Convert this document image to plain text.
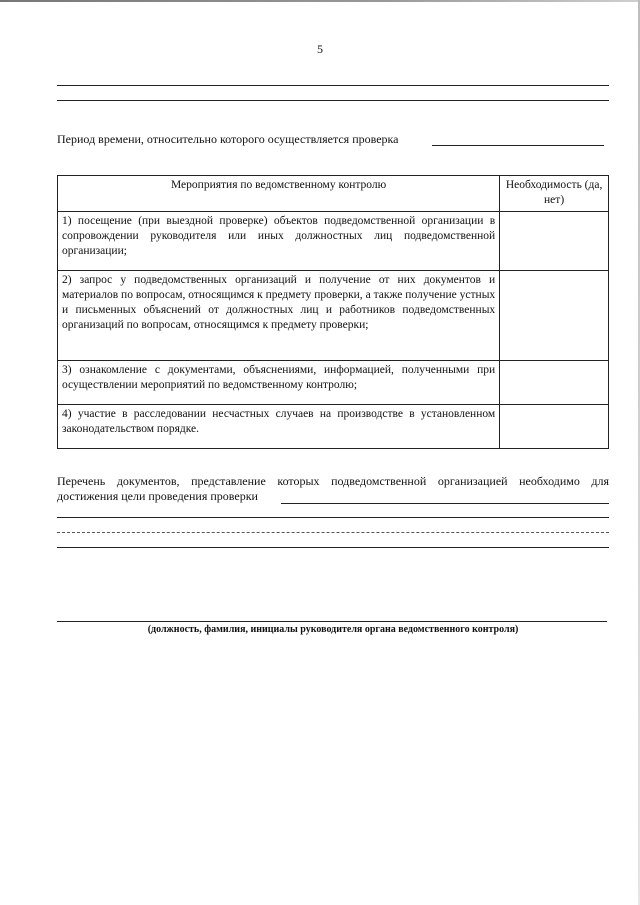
5
Период времени, относительно которого осуществляется проверка
Мероприятия по ведомственному контролю	Необходимость (да, нет)
1) посещение (при выездной проверке) объектов подведомственной организации в сопровождении руководителя или иных должностных лиц подведомственной организации;	
2) запрос у подведомственных организаций и получение от них документов и материалов по вопросам, относящимся к предмету проверки, а также получение устных и письменных объяснений от должностных лиц и работников подведомственных организаций по вопросам, относящимся к предмету проверки;	
3) ознакомление с документами, объяснениями, информацией, полученными при осуществлении мероприятий по ведомственному контролю;	
4) участие в расследовании несчастных случаев на производстве в установленном законодательством порядке.	
Перечень документов, представление которых подведомственной организацией необходимо для достижения цели проведения проверки
(должность, фамилия, инициалы руководителя органа ведомственного контроля)
